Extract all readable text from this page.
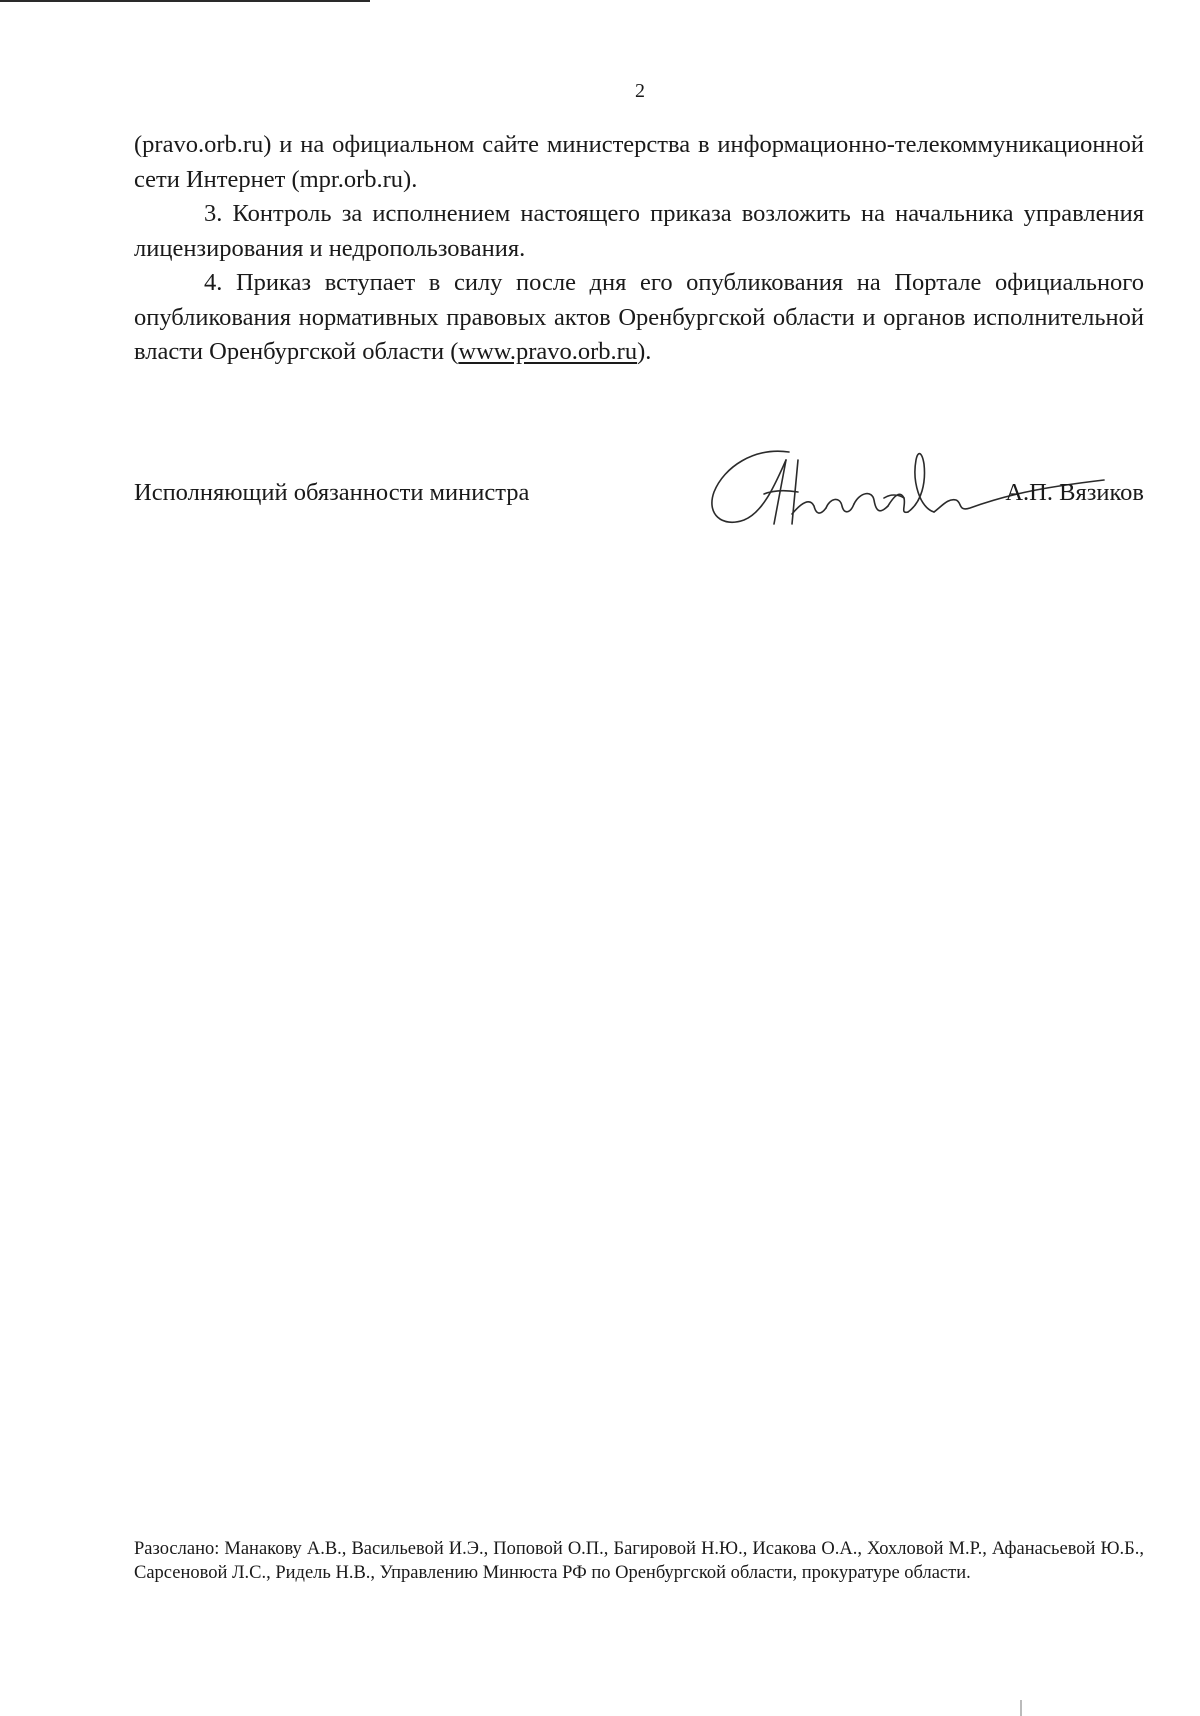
2

(pravo.orb.ru) и на официальном сайте министерства в информационно-телекоммуникационной сети Интернет (mpr.orb.ru).

3. Контроль за исполнением настоящего приказа возложить на начальника управления лицензирования и недропользования.

4. Приказ вступает в силу после дня его опубликования на Портале официального опубликования нормативных правовых актов Оренбургской области и органов исполнительной власти Оренбургской области (www.pravo.orb.ru).

Исполняющий обязанности министра	А.П. Вязиков
Разослано: Манакову А.В., Васильевой И.Э., Поповой О.П., Багировой Н.Ю., Исакова О.А., Хохловой М.Р., Афанасьевой Ю.Б., Сарсеновой Л.С., Ридель Н.В., Управлению Минюста РФ по Оренбургской области, прокуратуре области.
